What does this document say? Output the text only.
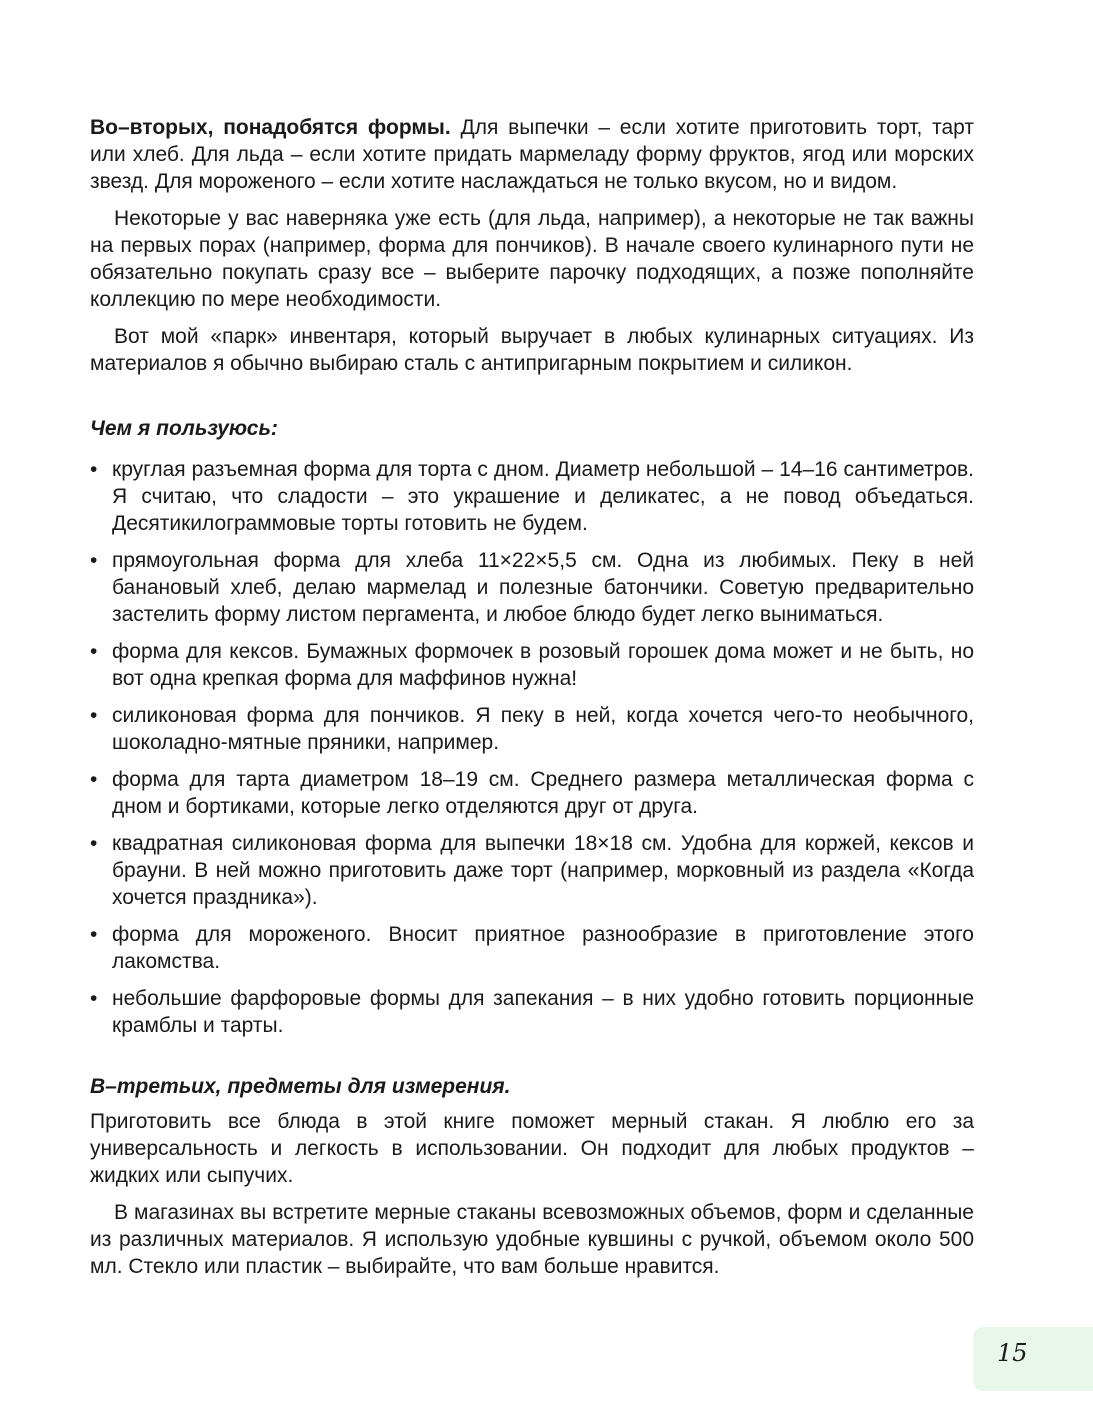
Во–вторых, понадобятся формы. Для выпечки – если хотите приготовить торт, тарт или хлеб. Для льда – если хотите придать мармеладу форму фруктов, ягод или морских звезд. Для мороженого – если хотите наслаждаться не только вкусом, но и видом.

Некоторые у вас наверняка уже есть (для льда, например), а некоторые не так важны на первых порах (например, форма для пончиков). В начале своего кулинарного пути не обязательно покупать сразу все – выберите парочку подходящих, а позже пополняйте коллекцию по мере необходимости.

Вот мой «парк» инвентаря, который выручает в любых кулинарных ситуациях. Из материалов я обычно выбираю сталь с антипригарным покрытием и силикон.

Чем я пользуюсь:
• круглая разъемная форма для торта с дном. Диаметр небольшой – 14–16 сантиметров. Я считаю, что сладости – это украшение и деликатес, а не повод объедаться. Десятикилограммовые торты готовить не будем.
• прямоугольная форма для хлеба 11×22×5,5 см. Одна из любимых. Пеку в ней банановый хлеб, делаю мармелад и полезные батончики. Советую предварительно застелить форму листом пергамента, и любое блюдо будет легко выниматься.
• форма для кексов. Бумажных формочек в розовый горошек дома может и не быть, но вот одна крепкая форма для маффинов нужна!
• силиконовая форма для пончиков. Я пеку в ней, когда хочется чего-то необычного, шоколадно-мятные пряники, например.
• форма для тарта диаметром 18–19 см. Среднего размера металлическая форма с дном и бортиками, которые легко отделяются друг от друга.
• квадратная силиконовая форма для выпечки 18×18 см. Удобна для коржей, кексов и брауни. В ней можно приготовить даже торт (например, морковный из раздела «Когда хочется праздника»).
• форма для мороженого. Вносит приятное разнообразие в приготовление этого лакомства.
• небольшие фарфоровые формы для запекания – в них удобно готовить порционные крамблы и тарты.
В–третьих, предметы для измерения.

Приготовить все блюда в этой книге поможет мерный стакан. Я люблю его за универсальность и легкость в использовании. Он подходит для любых продуктов – жидких или сыпучих.

В магазинах вы встретите мерные стаканы всевозможных объемов, форм и сделанные из различных материалов. Я использую удобные кувшины с ручкой, объемом около 500 мл. Стекло или пластик – выбирайте, что вам больше нравится.

15
